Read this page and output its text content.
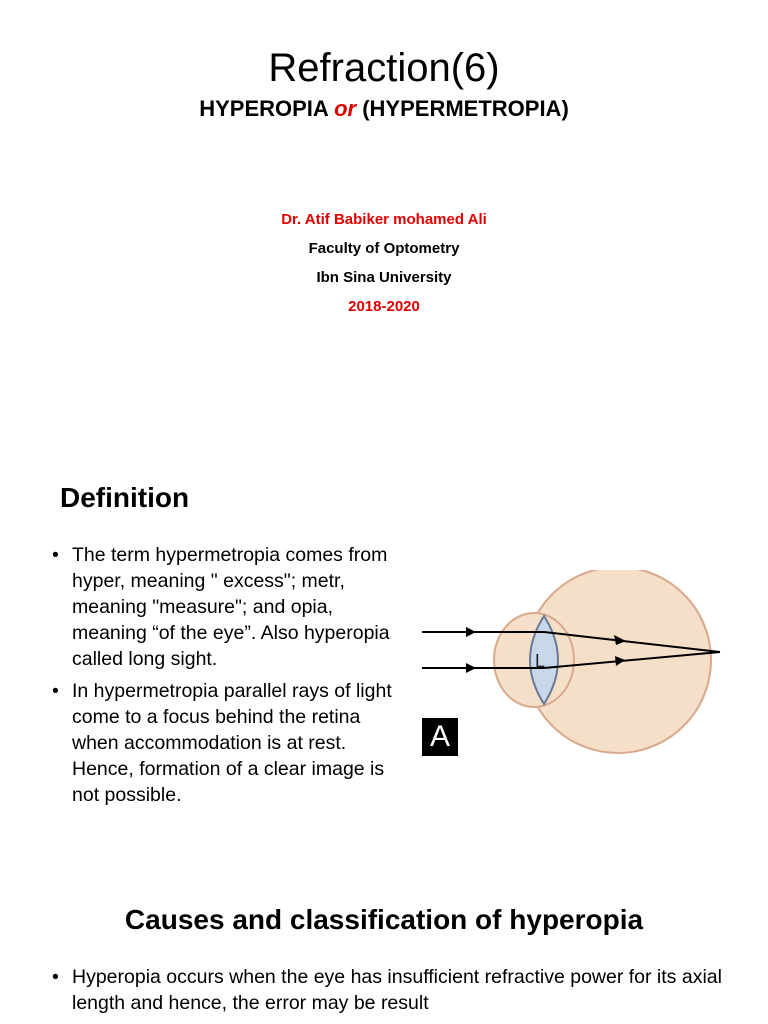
Refraction(6)
HYPEROPIA or (HYPERMETROPIA)
Dr. Atif Babiker mohamed Ali
Faculty of Optometry
Ibn Sina University
2018-2020
Definition
• The term hypermetropia comes from hyper, meaning " excess"; metr, meaning "measure"; and opia, meaning “of the eye”. Also hyperopia called long sight.
• In hypermetropia parallel rays of light come to a focus behind the retina when accommodation is at rest. Hence, formation of a clear image is not possible.
L
A
Causes and classification of hyperopia
• Hyperopia occurs when the eye has insufficient refractive power for its axial length and hence, the error may be result
